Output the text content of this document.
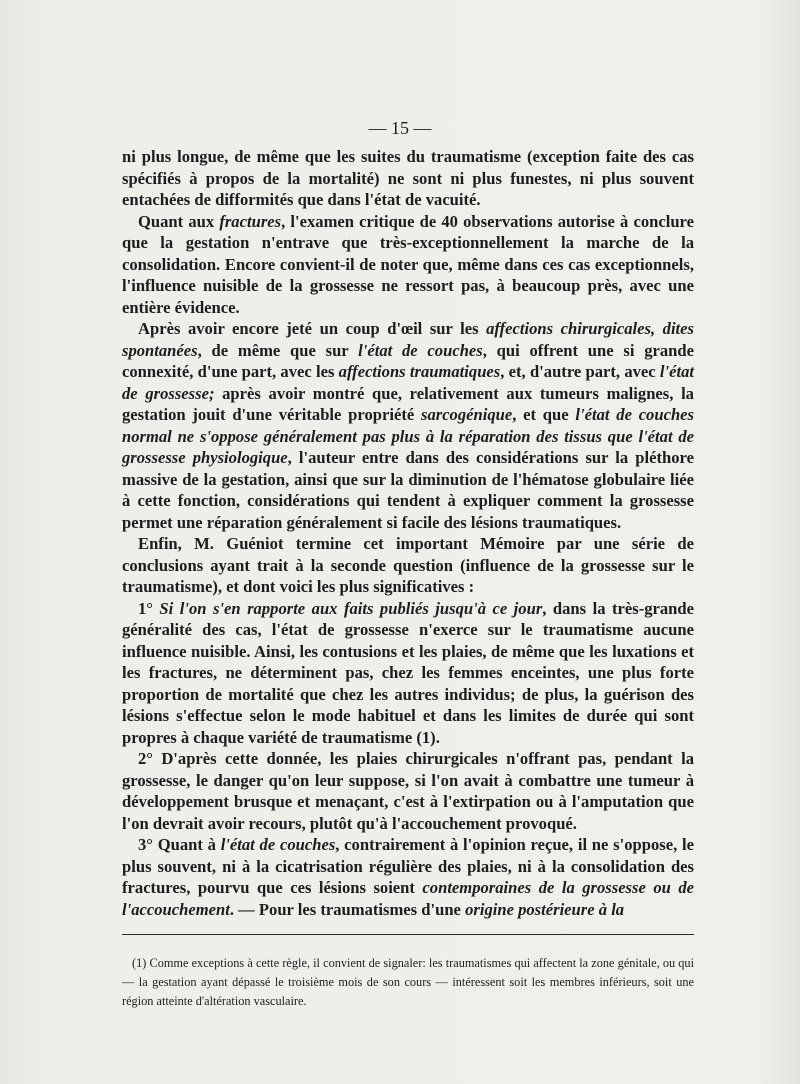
— 15 —

ni plus longue, de même que les suites du traumatisme (exception faite des cas spécifiés à propos de la mortalité) ne sont ni plus funestes, ni plus souvent entachées de difformités que dans l'état de vacuité.

Quant aux fractures, l'examen critique de 40 observations autorise à conclure que la gestation n'entrave que très-exceptionnellement la marche de la consolidation. Encore convient-il de noter que, même dans ces cas exceptionnels, l'influence nuisible de la grossesse ne ressort pas, à beaucoup près, avec une entière évidence.

Après avoir encore jeté un coup d'œil sur les affections chirurgicales, dites spontanées, de même que sur l'état de couches, qui offrent une si grande connexité, d'une part, avec les affections traumatiques, et, d'autre part, avec l'état de grossesse; après avoir montré que, relativement aux tumeurs malignes, la gestation jouit d'une véritable propriété sarcogénique, et que l'état de couches normal ne s'oppose généralement pas plus à la réparation des tissus que l'état de grossesse physiologique, l'auteur entre dans des considérations sur la pléthore massive de la gestation, ainsi que sur la diminution de l'hématose globulaire liée à cette fonction, considérations qui tendent à expliquer comment la grossesse permet une réparation généralement si facile des lésions traumatiques.

Enfin, M. Guéniot termine cet important Mémoire par une série de conclusions ayant trait à la seconde question (influence de la grossesse sur le traumatisme), et dont voici les plus significatives :

1° Si l'on s'en rapporte aux faits publiés jusqu'à ce jour, dans la très-grande généralité des cas, l'état de grossesse n'exerce sur le traumatisme aucune influence nuisible. Ainsi, les contusions et les plaies, de même que les luxations et les fractures, ne déterminent pas, chez les femmes enceintes, une plus forte proportion de mortalité que chez les autres individus; de plus, la guérison des lésions s'effectue selon le mode habituel et dans les limites de durée qui sont propres à chaque variété de traumatisme (1).

2° D'après cette donnée, les plaies chirurgicales n'offrant pas, pendant la grossesse, le danger qu'on leur suppose, si l'on avait à combattre une tumeur à développement brusque et menaçant, c'est à l'extirpation ou à l'amputation que l'on devrait avoir recours, plutôt qu'à l'accouchement provoqué.

3° Quant à l'état de couches, contrairement à l'opinion reçue, il ne s'oppose, le plus souvent, ni à la cicatrisation régulière des plaies, ni à la consolidation des fractures, pourvu que ces lésions soient contemporaines de la grossesse ou de l'accouchement. — Pour les traumatismes d'une origine postérieure à la

(1) Comme exceptions à cette règle, il convient de signaler: les traumatismes qui affectent la zone génitale, ou qui — la gestation ayant dépassé le troisième mois de son cours — intéressent soit les membres inférieurs, soit une région atteinte d'altération vasculaire.
